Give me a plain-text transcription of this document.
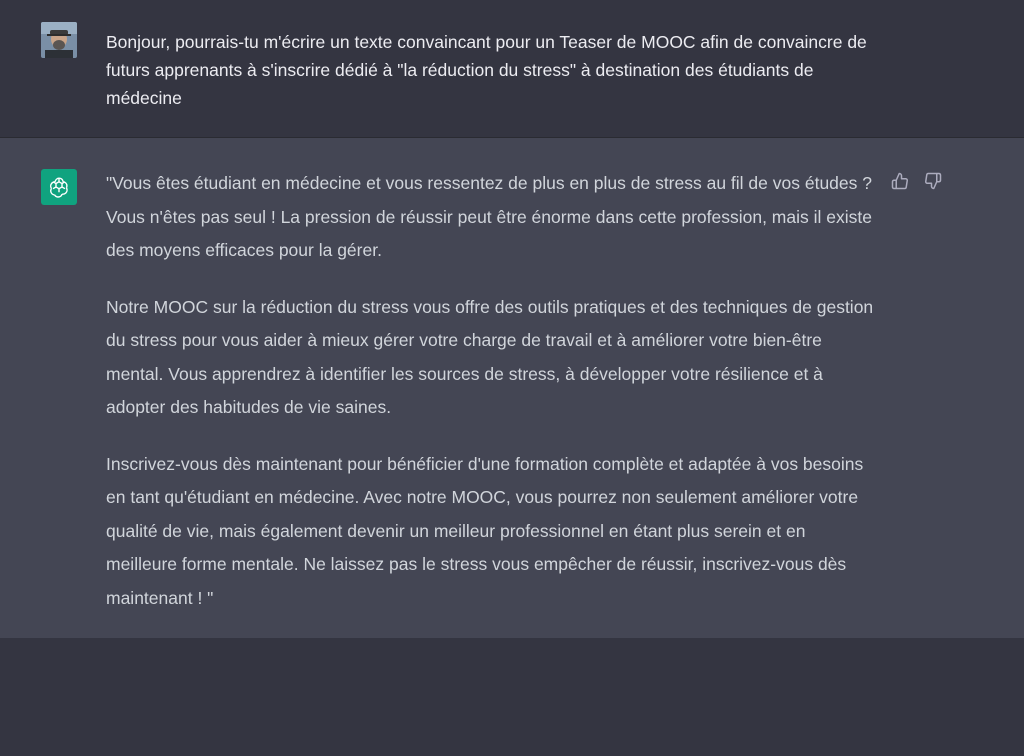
Bonjour, pourrais-tu m'écrire un texte convaincant pour un Teaser de MOOC afin de convaincre de futurs apprenants à s'inscrire dédié à "la réduction du stress" à destination des étudiants de médecine

"Vous êtes étudiant en médecine et vous ressentez de plus en plus de stress au fil de vos études ? Vous n'êtes pas seul ! La pression de réussir peut être énorme dans cette profession, mais il existe des moyens efficaces pour la gérer.

Notre MOOC sur la réduction du stress vous offre des outils pratiques et des techniques de gestion du stress pour vous aider à mieux gérer votre charge de travail et à améliorer votre bien-être mental. Vous apprendrez à identifier les sources de stress, à développer votre résilience et à adopter des habitudes de vie saines.

Inscrivez-vous dès maintenant pour bénéficier d'une formation complète et adaptée à vos besoins en tant qu'étudiant en médecine. Avec notre MOOC, vous pourrez non seulement améliorer votre qualité de vie, mais également devenir un meilleur professionnel en étant plus serein et en meilleure forme mentale. Ne laissez pas le stress vous empêcher de réussir, inscrivez-vous dès maintenant ! "
